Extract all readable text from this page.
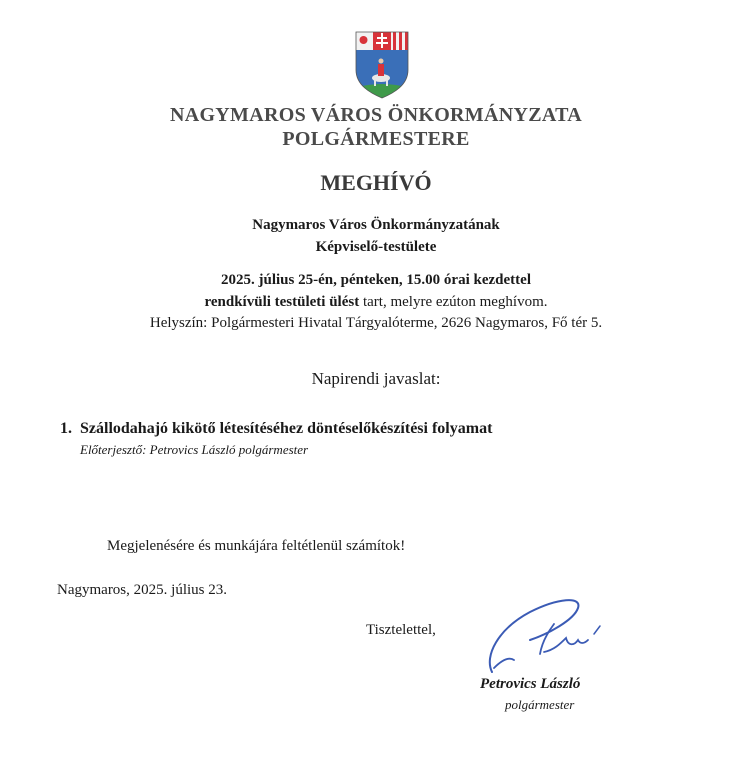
NAGYMAROS VÁROS ÖNKORMÁNYZATA
POLGÁRMESTERE
MEGHÍVÓ
Nagymaros Város Önkormányzatának
Képviselő-testülete
2025. július 25-én, pénteken, 15.00 órai kezdettel
rendkívüli testületi ülést tart, melyre ezúton meghívom.
Helyszín: Polgármesteri Hivatal Tárgyalóterme, 2626 Nagymaros, Fő tér 5.
Napirendi javaslat:
1. Szállodahajó kikötő létesítéséhez döntéselőkészítési folyamat
Előterjesztő: Petrovics László polgármester
Megjelenésére és munkájára feltétlenül számítok!
Nagymaros, 2025. július 23.
Tisztelettel,
Petrovics László
polgármester
